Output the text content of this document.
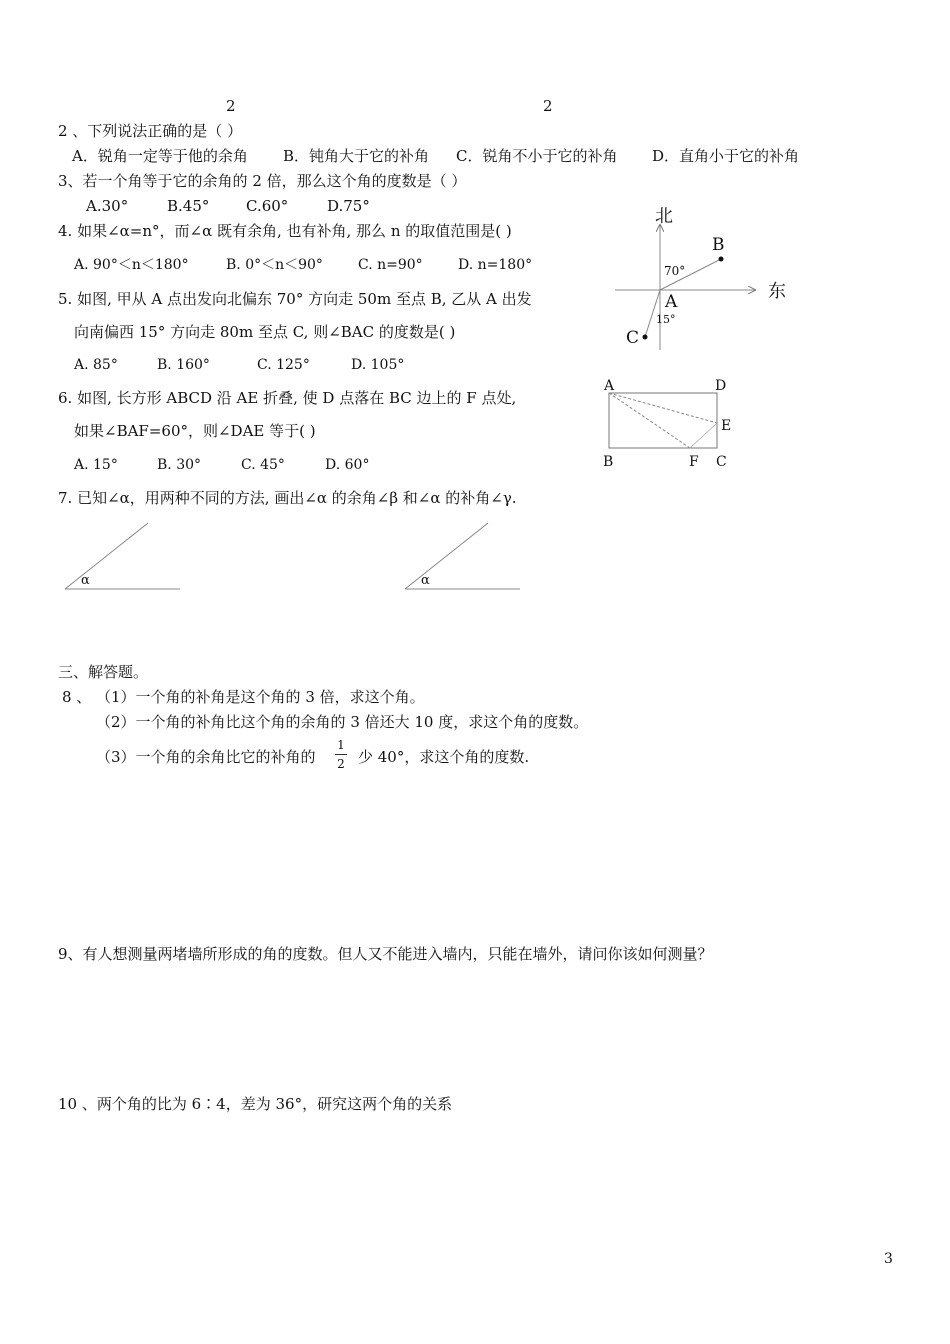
2	2
2 、下列说法正确的是（ ）
A．锐角一定等于他的余角 B．钝角大于它的补角 C．锐角不小于它的补角 D．直角小于它的补角
3、若一个角等于它的余角的 2 倍，那么这个角的度数是（ ）
A.30°	B.45° C.60°	D.75°
4. 如果∠α=n°，而∠α 既有余角, 也有补角, 那么 n 的取值范围是( )
A. 90°＜n＜180°	B. 0°＜n＜90°	C. n=90°	D. n=180°
5. 如图, 甲从 A 点出发向北偏东 70° 方向走 50m 至点 B, 乙从 A 出发
向南偏西 15° 方向走 80m 至点 C, 则∠BAC 的度数是( )
A. 85°	B. 160°	C. 125°	D. 105°
6. 如图, 长方形 ABCD 沿 AE 折叠, 使 D 点落在 BC 边上的 F 点处,
如果∠BAF=60°，则∠DAE 等于( )
A. 15°	B. 30°	C. 45°	D. 60°
7. 已知∠α，用两种不同的方法, 画出∠α 的余角∠β 和∠α 的补角∠γ.
北
东
B
A
C
70°
15°
A	D
E
B	F C
α	α
三、解答题。
8 、 （1）一个角的补角是这个角的 3 倍，求这个角。
（2）一个角的补角比这个角的余角的 3 倍还大 10 度，求这个角的度数。
（3）一个角的余角比它的补角的
1
2 少 40°，求这个角的度数.
9、有人想测量两堵墙所形成的角的度数。但人又不能进入墙内，只能在墙外，请问你该如何测量？
10 、两个角的比为 6∶4，差为 36°，研究这两个角的关系
3
